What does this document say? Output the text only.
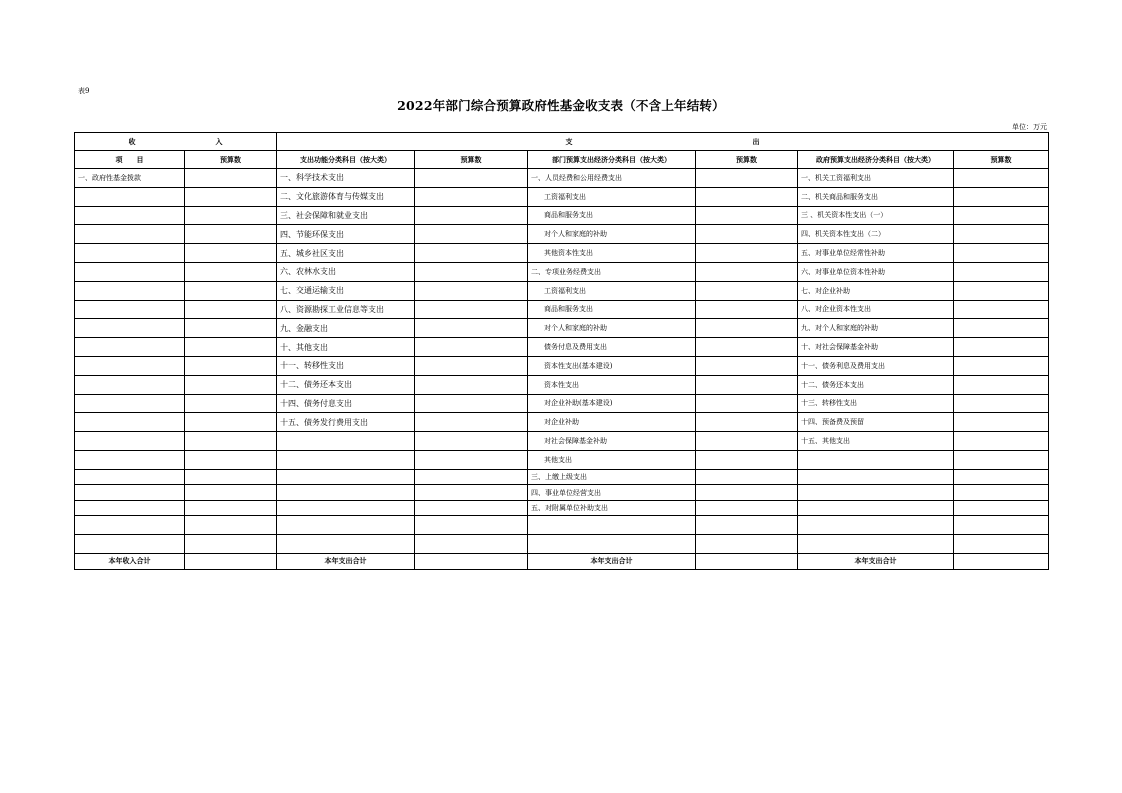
表9
2022年部门综合预算政府性基金收支表（不含上年结转）
单位：万元
收 入		支 出					
项　　目	预算数	支出功能分类科目（按大类）	预算数	部门预算支出经济分类科目（按大类）	预算数	政府预算支出经济分类科目（按大类）	预算数
一、政府性基金拨款		一、科学技术支出		一、人员经费和公用经费支出		一、机关工资福利支出	
		二、文化旅游体育与传媒支出		工资福利支出		二、机关商品和服务支出	
		三、社会保障和就业支出		商品和服务支出		三 、机关资本性支出（一）	
		四、节能环保支出		对个人和家庭的补助		四、机关资本性支出（二）	
		五、城乡社区支出		其他资本性支出		五、对事业单位经常性补助	
		六、农林水支出		二、专项业务经费支出		六、对事业单位资本性补助	
		七、交通运输支出		工资福利支出		七、对企业补助	
		八、资源勘探工业信息等支出		商品和服务支出		八、对企业资本性支出	
		九、金融支出		对个人和家庭的补助		九、对个人和家庭的补助	
		十、其他支出		债务付息及费用支出		十、对社会保障基金补助	
		十一、转移性支出		资本性支出(基本建设)		十一、债务利息及费用支出	
		十二、债务还本支出		资本性支出		十二、债务还本支出	
		十四、债务付息支出		对企业补助(基本建设)		十三、转移性支出	
		十五、债务发行费用支出		对企业补助		十四、预备费及预留	
				对社会保障基金补助		十五、其他支出	
				其他支出			
				三、上缴上级支出			
				四、事业单位经营支出			
				五、对附属单位补助支出			

本年收入合计		本年支出合计		本年支出合计		本年支出合计	
